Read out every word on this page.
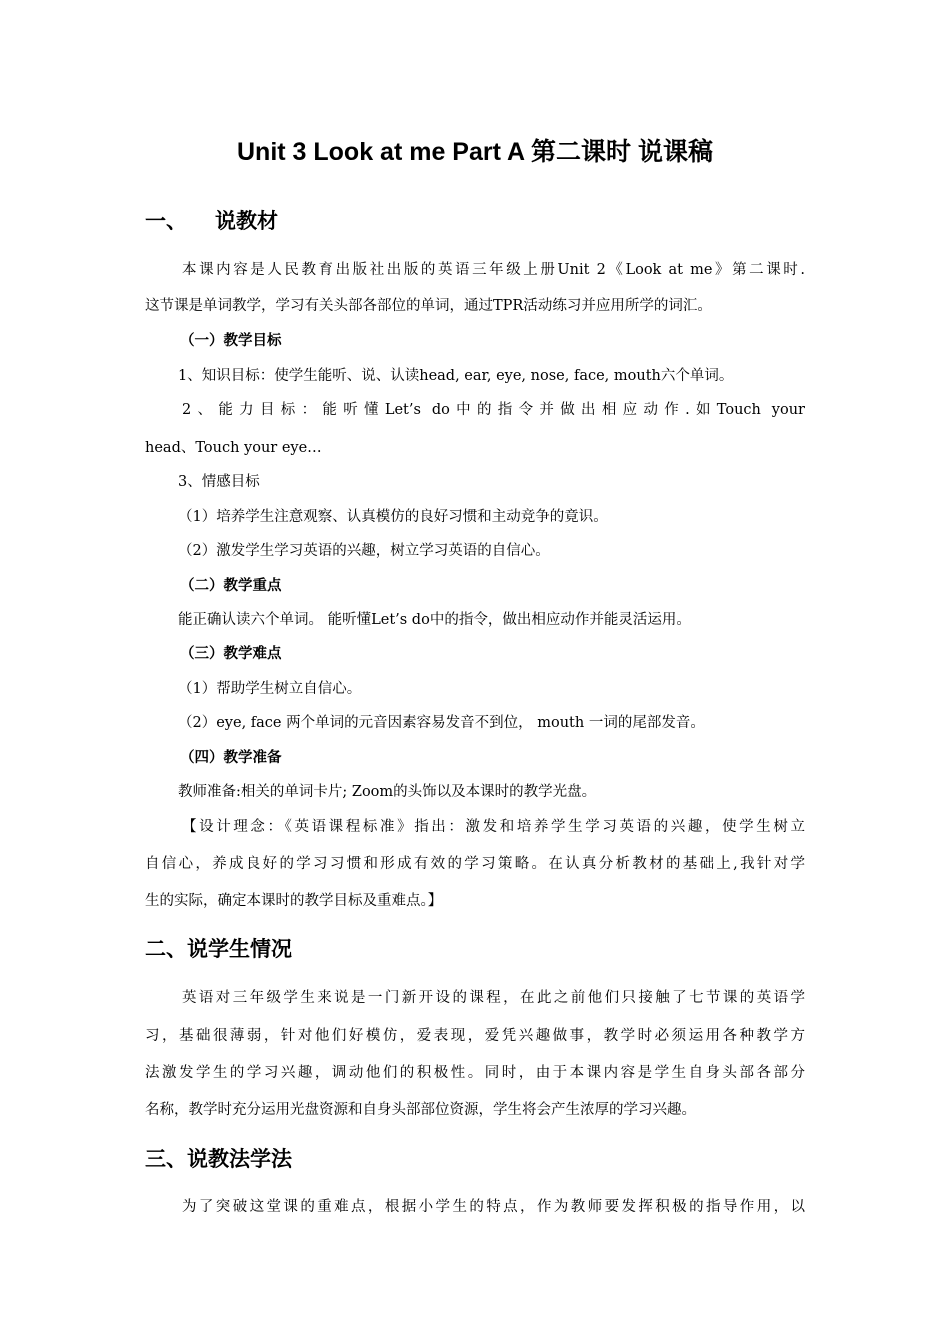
Unit 3 Look at me Part A 第二课时 说课稿
一、 说教材
本课内容是人民教育出版社出版的英语三年级上册Unit 2《Look at me》第二课时.
这节课是单词教学，学习有关头部各部位的单词，通过TPR活动练习并应用所学的词汇。
（一）教学目标
1、知识目标：使学生能听、说、认读head, ear, eye, nose, face, mouth六个单词。
2、能力目标：能听懂Let’s do中的指令并做出相应动作.如Touch your
head、Touch your eye…
3、情感目标
（1）培养学生注意观察、认真模仿的良好习惯和主动竞争的竟识。
（2）激发学生学习英语的兴趣，树立学习英语的自信心。
（二）教学重点
能正确认读六个单词。 能听懂Let’s do中的指令，做出相应动作并能灵活运用。
（三）教学难点
（1）帮助学生树立自信心。
（2）eye, face 两个单词的元音因素容易发音不到位， mouth 一词的尾部发音。
（四）教学准备
教师准备:相关的单词卡片; Zoom的头饰以及本课时的教学光盘。
【设计理念：《英语课程标准》指出：激发和培养学生学习英语的兴趣，使学生树立
自信心，养成良好的学习习惯和形成有效的学习策略。在认真分析教材的基础上,我针对学
生的实际，确定本课时的教学目标及重难点。】
二、说学生情况
英语对三年级学生来说是一门新开设的课程，在此之前他们只接触了七节课的英语学
习，基础很薄弱，针对他们好模仿，爱表现，爱凭兴趣做事，教学时必须运用各种教学方
法激发学生的学习兴趣，调动他们的积极性。同时，由于本课内容是学生自身头部各部分
名称，教学时充分运用光盘资源和自身头部部位资源，学生将会产生浓厚的学习兴趣。
三、说教法学法
为了突破这堂课的重难点，根据小学生的特点，作为教师要发挥积极的指导作用，以
